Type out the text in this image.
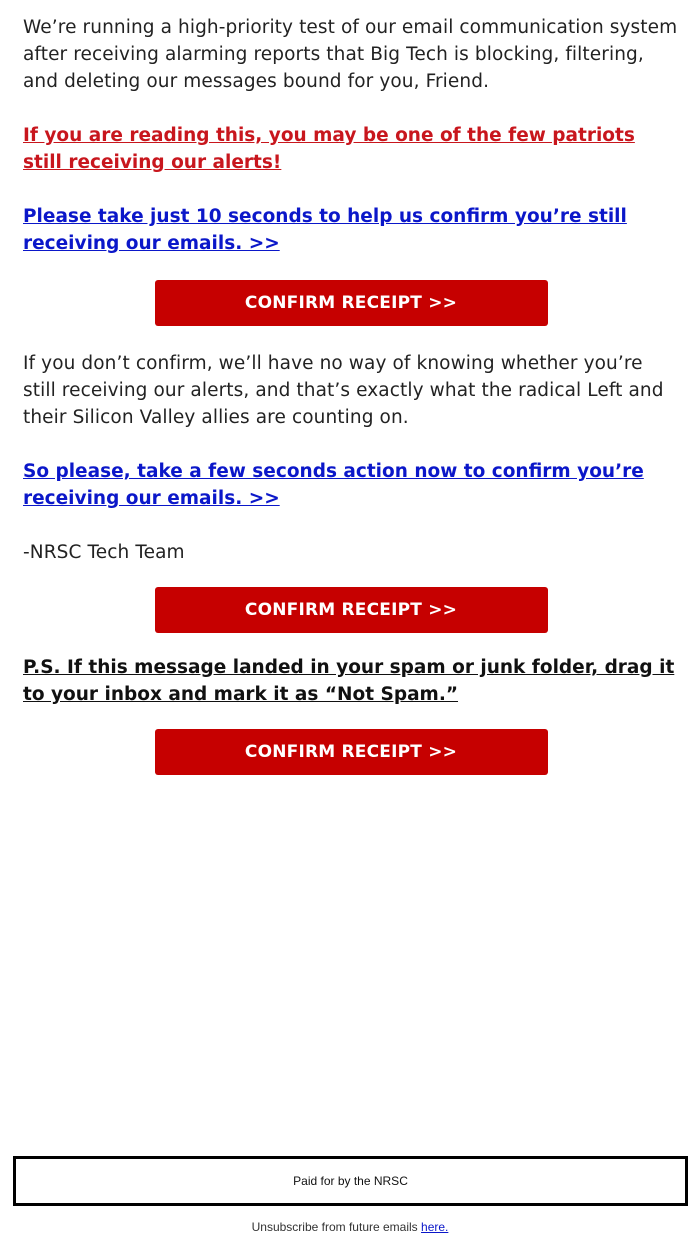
We’re running a high-priority test of our email communication system after receiving alarming reports that Big Tech is blocking, filtering, and deleting our messages bound for you, Friend.

If you are reading this, you may be one of the few patriots still receiving our alerts!
Please take just 10 seconds to help us confirm you’re still receiving our emails. >>
CONFIRM RECEIPT >>

If you don’t confirm, we’ll have no way of knowing whether you’re still receiving our alerts, and that’s exactly what the radical Left and their Silicon Valley allies are counting on.

So please, take a few seconds action now to confirm you’re receiving our emails. >>

-NRSC Tech Team

CONFIRM RECEIPT >>
P.S. If this message landed in your spam or junk folder, drag it to your inbox and mark it as “Not Spam.”
CONFIRM RECEIPT >>
Paid for by the NRSC
Unsubscribe from future emails here.
